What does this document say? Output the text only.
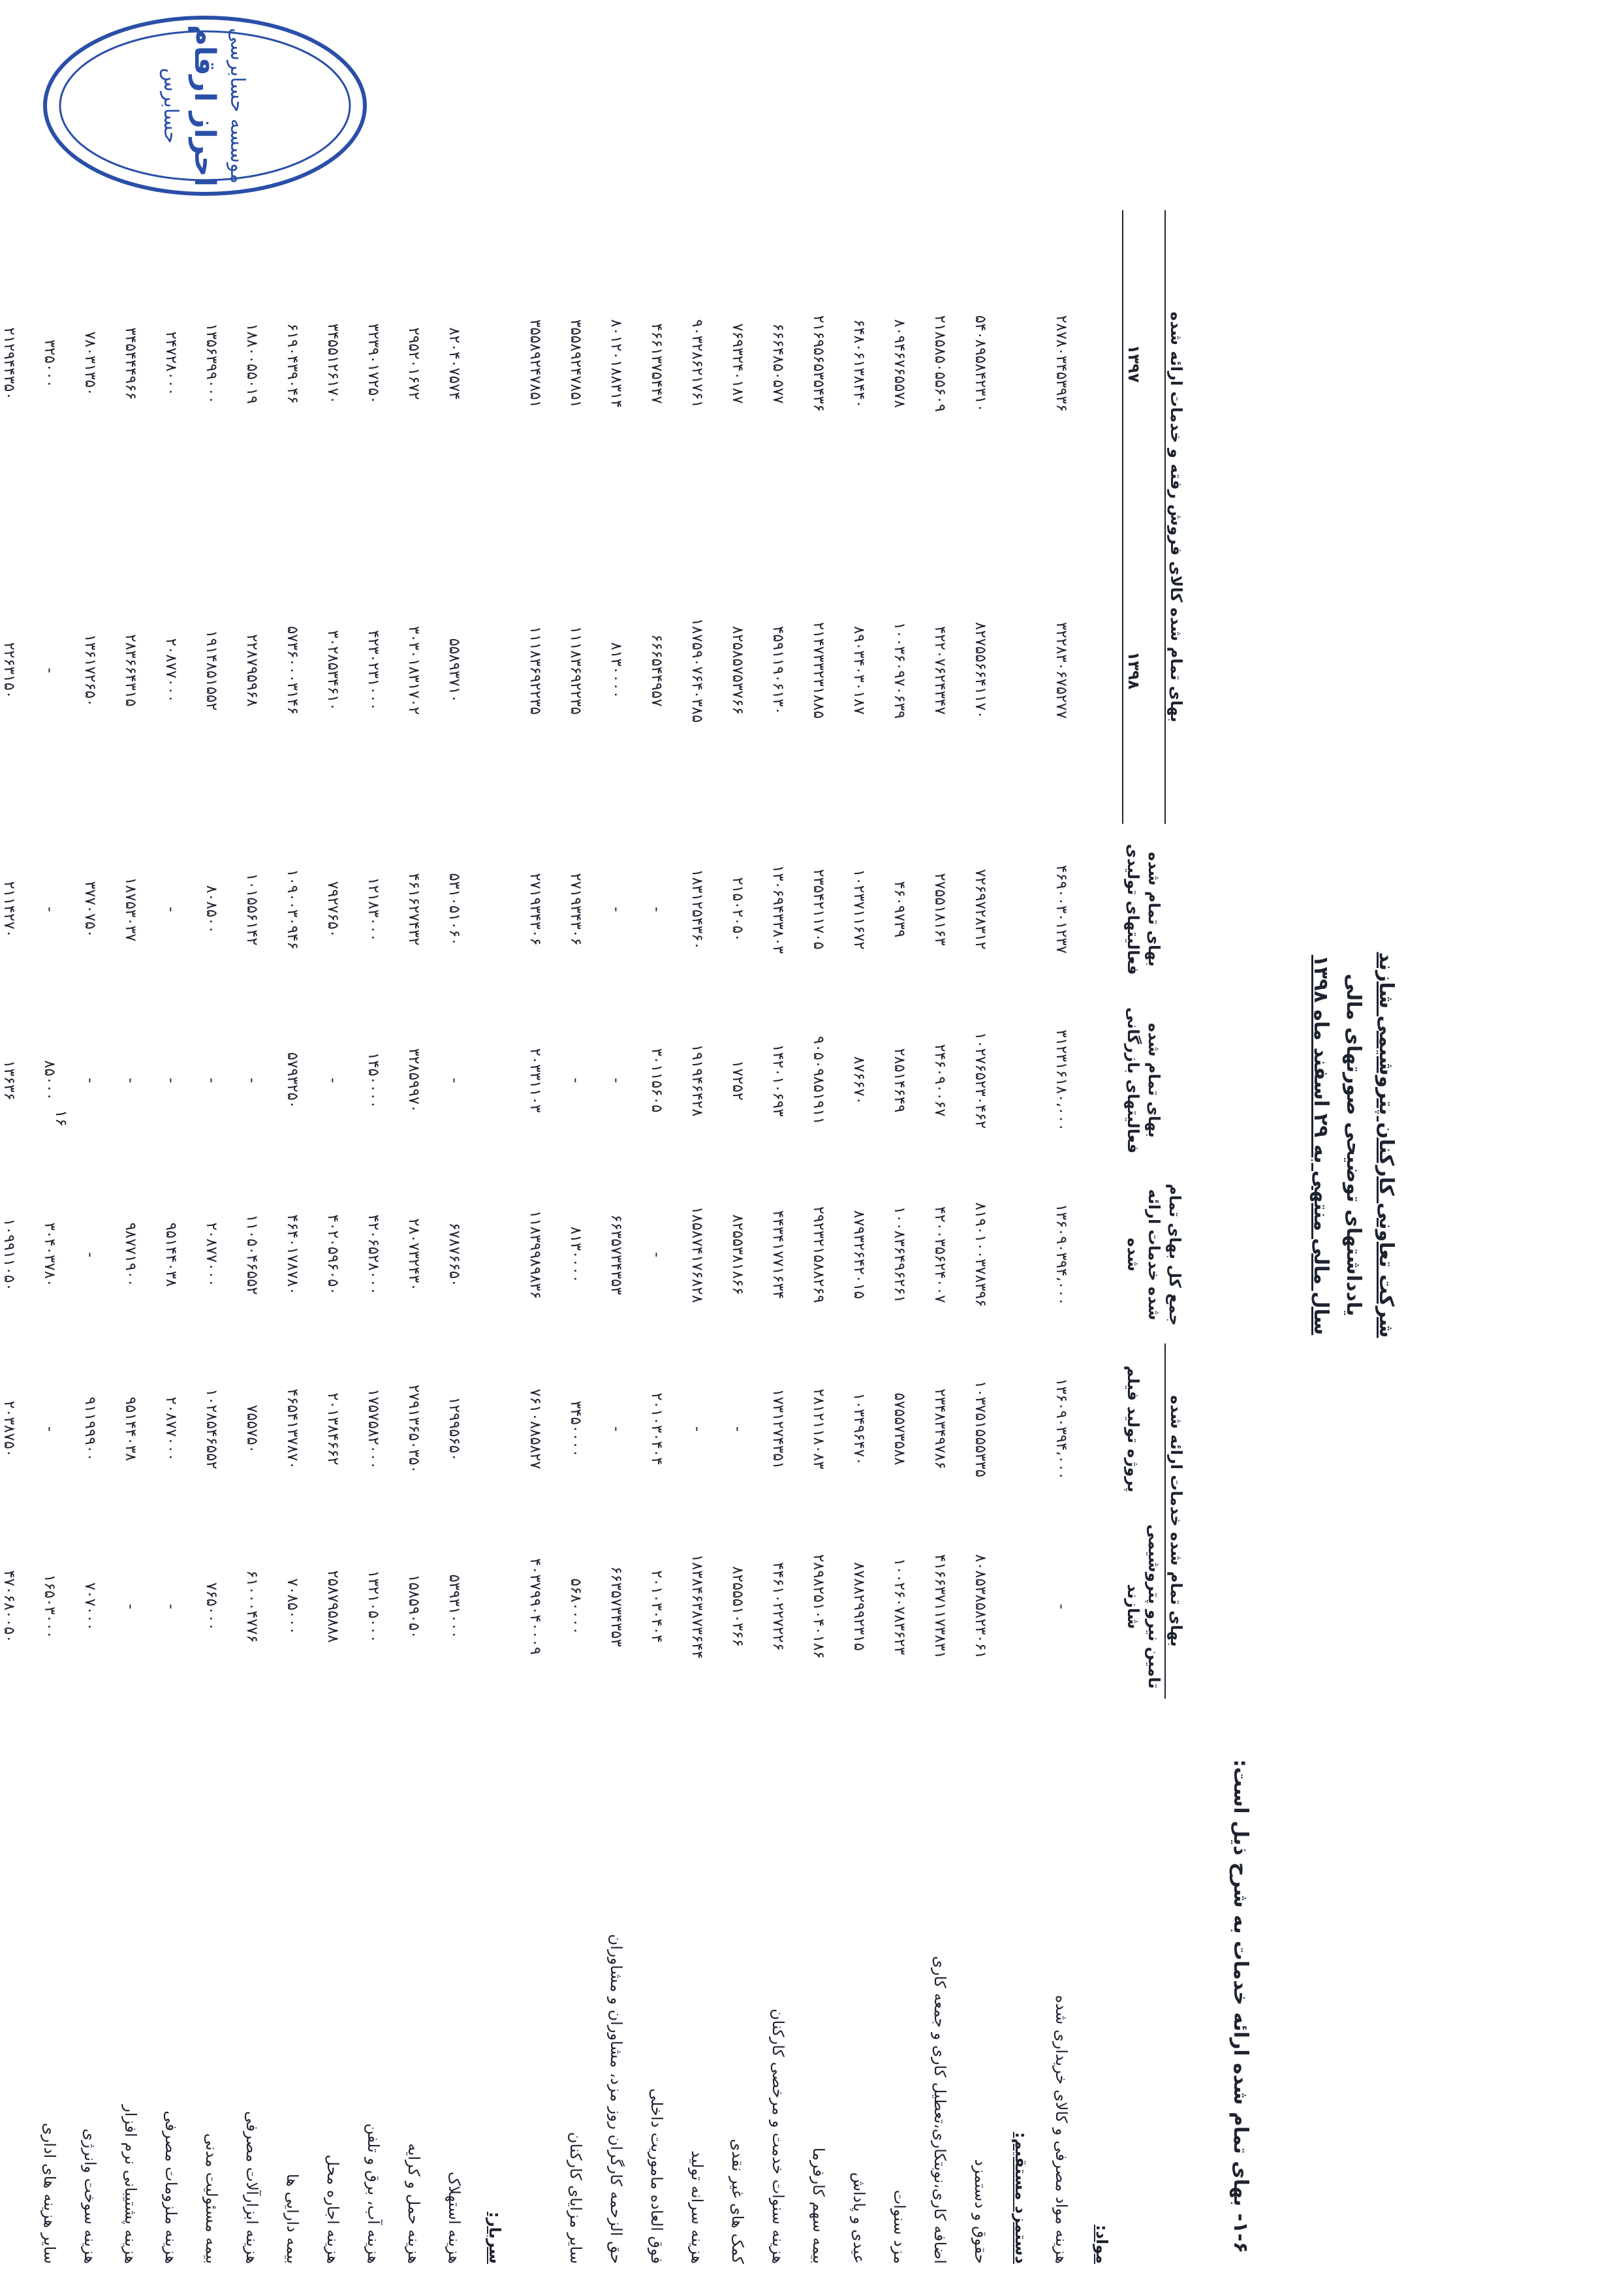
شرکت تعاونی کارکنان پتروشیمی شازند
یادداشتهای توضیحی صورتهای مالی
سال مالی منتهی به ۲۹ اسفند ماه ۱۳۹۸
۱-۶- بهای تمام شده ارائه خدمات به شرح ذیل است:
	بهای تمام شده خدمات ارائه شده		جمع کل بهای تمام شده خدمات ارائه شده	بهای تمام شده فعالیتهای بازرگانی	بهای تمام شده فعالیتهای تولیدی	بهای تمام شده کالای فروش رفته و خدمات ارائه شده	
	تامین نیرو پتروشیمی شازند	پروژه تولید فیلم				۱۳۹۸	۱۳۹۷
مواد:							
هزینه مواد مصرفی و کالای خریداری شده	-	۱۳۶۰۹۰۳۹۴،۰۰۰	۱۳۶۰۹۰۳۹۴،۰۰۰	۳۱۲۳۱۶۱۸۰،۰۰۰	۴۶۹۰۰۳۰۱۲۳۷	۳۲۲۸۳۰۶۷۵۲۷۷	۲۸۷۸۰۳۴۵۳۹۳۶
دستمزد مستقیم:							
حقوق و دستمزد	۸۰۸۵۳۸۵۸۲۳۰۶۱	۱۰۳۷۵۱۵۵۵۳۳۵	۸۱۹۰۱۰۰۳۷۸۳۹۶	۱۰۲۷۶۵۲۳۰۴۶۲	۷۲۶۹۷۲۸۳۱۲	۸۲۷۵۵۶۶۴۱۱۷۰	۵۴۰۸۹۵۸۴۲۳۱۰
اضافه کاری،نوبتکاری،تعطیل کاری و جمعه کاری	۴۱۶۶۳۷۱۱۷۳۸۳۱	۲۳۴۸۳۴۹۷۸۶	۴۲۰۰۳۵۶۲۴۰۰۷	۲۴۶۰۹۰۰۶۷	۲۷۵۵۱۸۱۶۳	۴۲۲۰۷۶۲۴۳۴۷	۲۱۸۵۸۵۰۵۵۶۰۹
مزد سنوات	۱۰۰۲۶۰۷۸۳۶۲۳	۵۷۵۵۷۳۵۸۸	۱۰۰۸۳۶۴۹۶۲۶۱	۲۸۵۱۴۶۴۹	۴۶۰۹۷۳۹	۱۰۰۳۶۰۹۷۰۶۳۹	۸۰۹۴۶۷۶۵۵۷۸
عیدی و پاداش	۸۷۸۸۲۹۹۲۳۱۵	۱۰۳۴۹۶۴۷۰	۸۷۹۳۲۶۴۲۰۱۵	۸۷۶۶۷۰	۱۰۲۳۷۱۱۶۷۲	۸۹۰۳۴۰۳۰۱۸۷	۶۴۸۰۶۱۳۸۴۴۰
بیمه سهم کارفرما	۲۸۹۸۲۵۱۰۴۰۱۸۶	۲۸۱۲۱۱۸۰۸۳	۲۹۲۳۲۱۵۸۸۲۶۹	۹۰۵۰۹۸۵۱۹۱۱	۲۳۵۴۲۱۱۷۰۵	۲۱۴۷۳۳۲۳۱۸۸۵	۲۱۶۹۵۶۵۳۵۴۳۶
هزینه سنوات خدمت و مرخصی کارکنان	۴۴۶۱۰۲۲۷۲۲۶	۱۷۳۱۲۷۴۳۵۱	۴۴۳۴۱۷۷۱۶۳۴	۱۴۲۰۱۰۶۹۳	۱۳۰۶۹۴۳۳۸۰۳	۴۵۹۱۱۹۰۶۱۳۰	۶۶۶۴۸۵۰۵۷۷
کمک های غیر نقدی	۸۲۵۵۵۱۰۳۶۶	-	۸۲۵۵۳۸۱۸۶۶	۱۷۲۵۲	۲۱۵۰۲۰۵۰	۸۲۵۸۵۷۵۳۷۶۶	۷۶۹۳۲۴۰۱۸۷
هزینه سرانه تولید	۱۸۳۸۴۶۳۸۷۳۶۴۴	-	۱۸۵۸۷۴۱۷۶۸۲۸	۱۹۱۹۴۶۴۲۸	۱۸۳۱۲۵۴۳۶۰	۱۸۷۵۹۰۷۶۴۰۳۸۵	۹۰۳۲۸۶۲۱۷۶۱
فوق العاده ماموریت داخلی	۲۰۱۰۳۰۴۰۴	۲۰۱۰۳۰۴۰۴	-	۳۰۱۱۵۶۰۵	-	۶۶۶۵۴۴۹۵۷	۴۶۶۱۳۷۵۴۴۷
حق الزحمه کارگران روز مزد، مشاوران و مشاوران	۶۶۳۵۷۳۴۳۵۳	-	۶۶۳۵۷۳۴۳۵۳	-	-	۸۱۳۰۰۰۰	۸۰۱۲۰۱۸۸۳۱۴
سایر مزایای کارکنان	۵۶۸۰۰۰۰	۳۴۵۰۰۰۰	۸۱۳۰۰۰۰	-	۲۷۱۹۳۴۳۰۶	۱۱۱۸۳۶۹۲۲۳۵	۳۵۵۸۹۲۴۷۸۵۱
	۴۰۳۷۹۹۰۴۰۰۰۹	۷۶۱۰۸۸۵۸۲۷	۱۱۸۳۹۹۸۹۸۳۶	۲۰۳۳۱۱۰۳	۲۷۱۹۳۴۳۰۶	۱۱۱۸۳۶۹۲۲۳۵	۳۵۵۸۹۲۴۷۸۵۱
سربار:							
هزینه استهلاک	۵۳۹۳۱۰۰۰	۱۲۹۹۵۶۵۰	۶۷۸۷۶۶۵۰	-	۵۳۱۰۵۱۰۶۰	۵۵۸۹۳۷۱۰	۸۲۰۴۰۷۵۷۴
هزینه حمل و کرایه	۱۵۸۵۹۰۵۰	۲۷۹۱۳۶۵۰۳۵۰	۲۸۰۷۳۲۴۳۰	۳۲۸۵۹۹۷۰	۴۶۱۶۲۷۴۳۲	۳۰۳۰۱۸۳۱۷۰۲	۲۹۵۲۰۱۶۷۲
هزینه آب، برق و تلفن	۱۳۲۱۰۵۰۰۰	۱۷۵۷۵۸۲۰۰۰	۴۲۰۶۵۲۸۰۰۰	۱۴۵۰۰۰۰	۱۲۱۸۳۰۰۰	۴۲۳۰۲۳۱۰۰۰	۳۲۳۹۰۱۷۲۵۰
هزینه اجاره محل	۲۵۸۷۹۵۸۸۸	۲۰۱۳۸۴۶۶۲	۴۰۲۰۵۹۶۰۵۰	-	۷۹۲۷۶۵۰	۳۰۲۸۵۳۴۶۱۰	۳۴۵۵۱۲۶۱۷۰
بیمه دارایی ها	۷۰۸۵۰۰۰	۴۶۵۴۱۳۷۸۷۰	۴۶۴۰۱۷۸۷۸۰	۵۷۹۳۲۵۰	۱۰۹۰۰۳۰۹۴۶	۵۷۳۶۰۰۰۳۱۴۶	۶۱۹۰۴۳۹۰۴۶
هزینه ابزارآلات مصرفی	۶۱۰۰۰۴۷۷۶	۷۵۵۷۵۰	۱۱۰۵۰۴۶۵۵۲	-	۱۰۱۵۵۶۱۴۲	۲۲۸۷۹۵۹۶۸	۱۸۸۰۰۵۵۰۱۹
بیمه مسئولیت مدنی	۷۶۵۰۰۰	۱۰۲۸۵۴۶۵۵۲	۲۰۸۷۷۰۰۰	-	۸۰۸۵۰۰	۱۹۱۴۸۵۱۵۵۲	۱۳۵۶۳۹۹۰۰۰
هزینه ملزومات مصرفی	-	۲۰۸۷۷۰۰۰	۹۵۱۴۴۰۳۸	-	-	۲۰۸۷۷۰۰۰	۲۴۷۲۸۰۰۰
هزینه پشتیبانی نرم افزار	-	۹۵۱۴۴۰۳۸	۹۸۷۷۱۹۰۰	-	۱۸۷۵۳۰۳۷	۲۸۳۶۶۴۳۱۵	۳۴۵۴۴۴۹۶۶
هزینه سوخت وانرژی	۷۰۷۰۰۰	۹۱۱۹۹۹۰۰	-	-	۳۷۷۰۷۵۰	۱۳۶۱۷۲۶۵۰	۷۸۰۳۱۳۵۰
سایر هزینه های اداری	۱۶۵۰۳۰۰۰	-	۳۰۴۰۳۷۸۰	۸۵۰۰۰	-	-	۳۲۵۰۰۰
	۴۷۰۶۸۰۰۵۰	۲۰۳۸۷۵۰	۱۰۹۹۱۱۰۵۰	۱۳۶۳۶	۲۱۱۴۲۷۰	۲۲۶۳۱۵۰	۲۱۲۹۴۴۳۵۰

۱۶
موسسه حسابرسی
احراز ارقام
حسابرس
